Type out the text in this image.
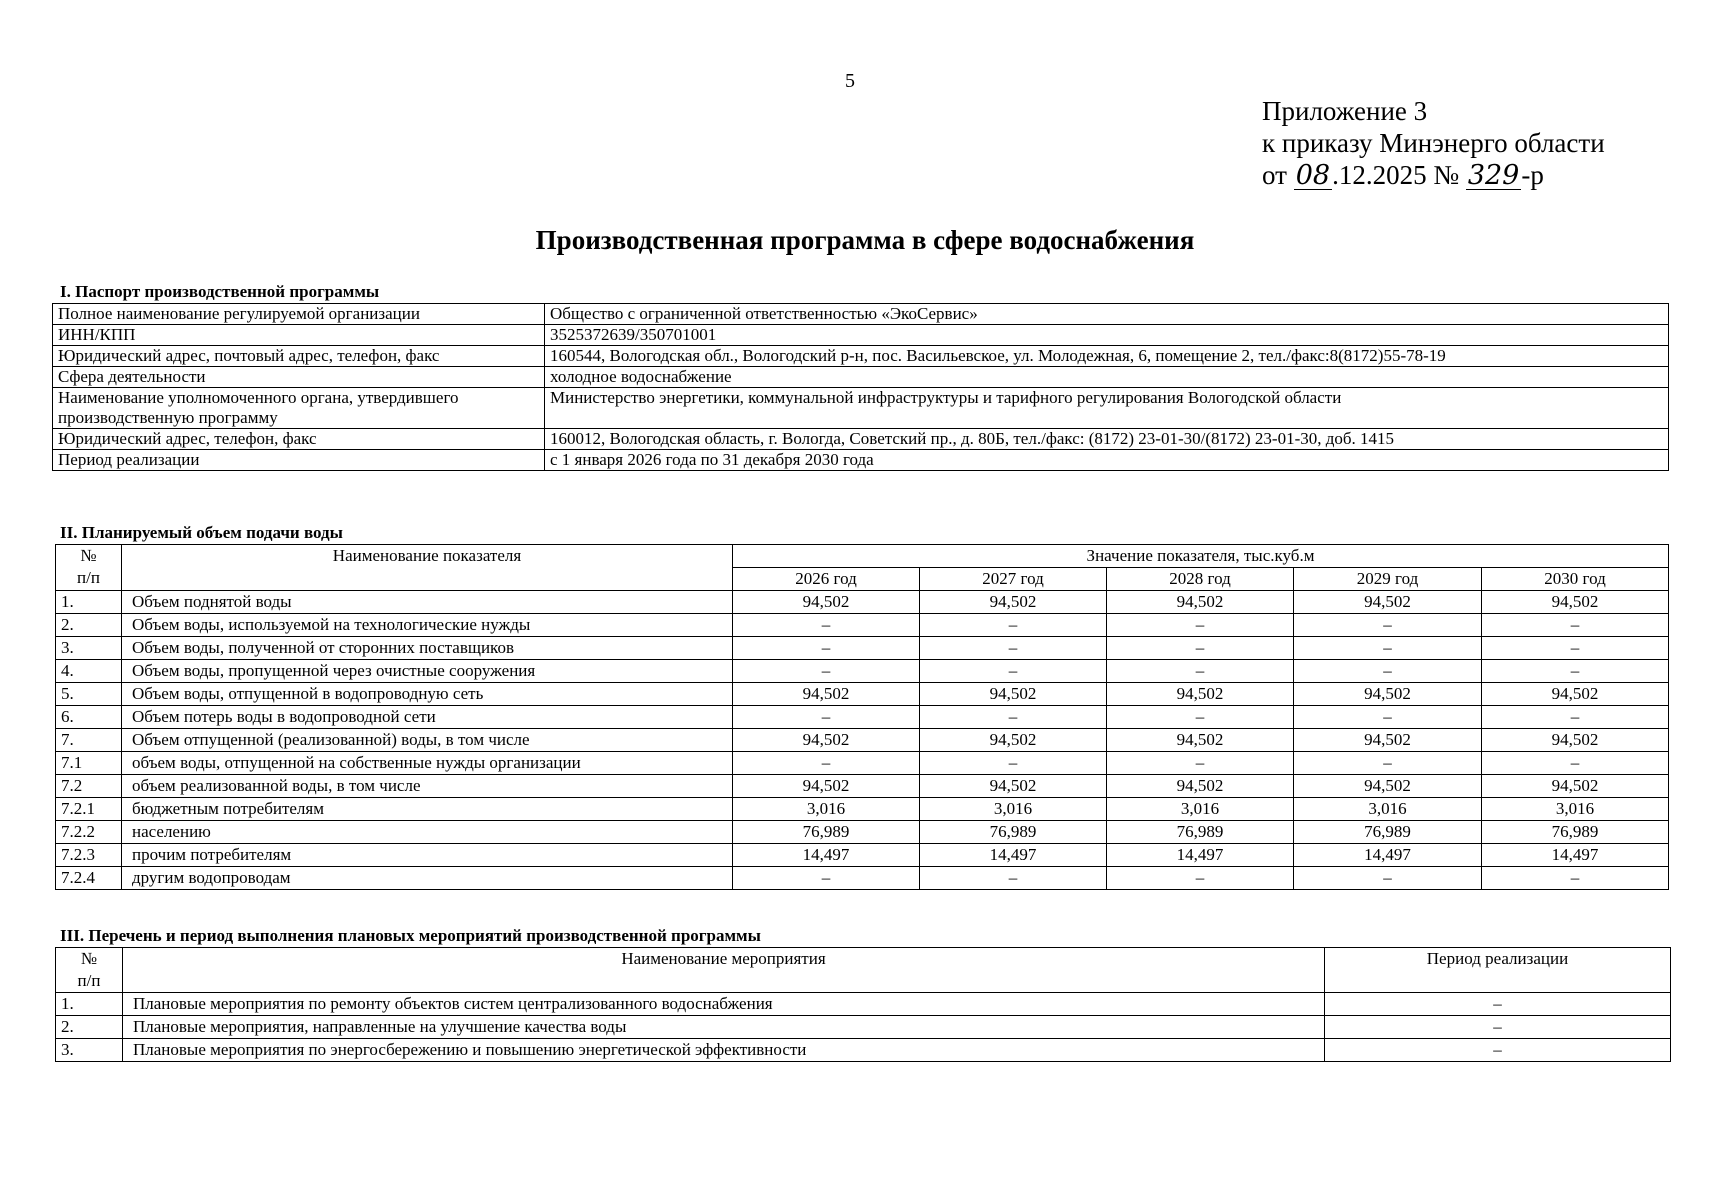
5
Приложение 3
к приказу Минэнерго области
от 08.12.2025 № 329-р
Производственная программа в сфере водоснабжения
I. Паспорт производственной программы
Полное наименование регулируемой организации	Общество с ограниченной ответственностью «ЭкоСервис»
ИНН/КПП	3525372639/350701001
Юридический адрес, почтовый адрес, телефон, факс	160544, Вологодская обл., Вологодский р-н, пос. Васильевское, ул. Молодежная, 6, помещение 2, тел./факс:8(8172)55-78-19
Сфера деятельности	холодное водоснабжение
Наименование уполномоченного органа, утвердившего производственную программу	Министерство энергетики, коммунальной инфраструктуры и тарифного регулирования Вологодской области
Юридический адрес, телефон, факс	160012, Вологодская область, г. Вологда, Советский пр., д. 80Б, тел./факс: (8172) 23-01-30/(8172) 23-01-30, доб. 1415
Период реализации	с 1 января 2026 года по 31 декабря 2030 года
II. Планируемый объем подачи воды
№
п/п	Наименование показателя	Значение показателя, тыс.куб.м				
		2026 год	2027 год	2028 год	2029 год	2030 год
1.	Объем поднятой воды	94,502	94,502	94,502	94,502	94,502
2.	Объем воды, используемой на технологические нужды	–	–	–	–	–
3.	Объем воды, полученной от сторонних поставщиков	–	–	–	–	–
4.	Объем воды, пропущенной через очистные сооружения	–	–	–	–	–
5.	Объем воды, отпущенной в водопроводную сеть	94,502	94,502	94,502	94,502	94,502
6.	Объем потерь воды в водопроводной сети	–	–	–	–	–
7.	Объем отпущенной (реализованной) воды, в том числе	94,502	94,502	94,502	94,502	94,502
7.1	объем воды, отпущенной на собственные нужды организации	–	–	–	–	–
7.2	объем реализованной воды, в том числе	94,502	94,502	94,502	94,502	94,502
7.2.1	бюджетным потребителям	3,016	3,016	3,016	3,016	3,016
7.2.2	населению	76,989	76,989	76,989	76,989	76,989
7.2.3	прочим потребителям	14,497	14,497	14,497	14,497	14,497
7.2.4	другим водопроводам	–	–	–	–	–
III. Перечень и период выполнения плановых мероприятий производственной программы
№
п/п	Наименование мероприятия	Период реализации
1.	Плановые мероприятия по ремонту объектов систем централизованного водоснабжения	–
2.	Плановые мероприятия, направленные на улучшение качества воды	–
3.	Плановые мероприятия по энергосбережению и повышению энергетической эффективности	–
